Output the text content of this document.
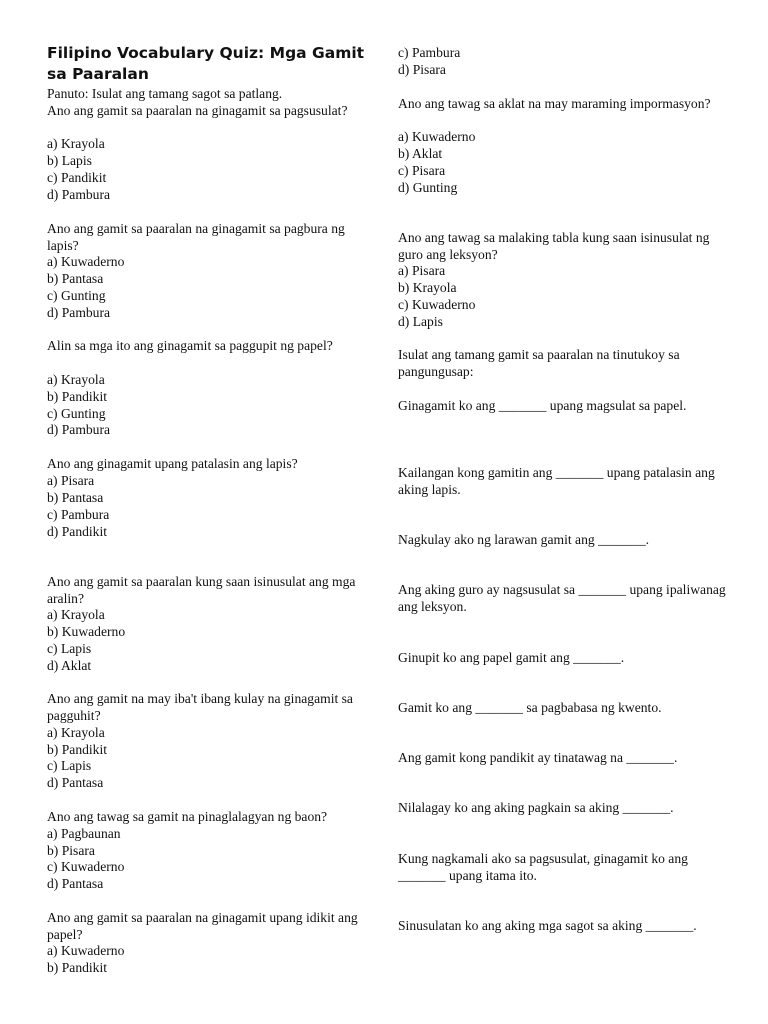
Filipino Vocabulary Quiz: Mga Gamit sa Paaralan
Panuto: Isulat ang tamang sagot sa patlang.
Ano ang gamit sa paaralan na ginagamit sa pagsusulat?
a) Krayola
b) Lapis
c) Pandikit
d) Pambura
Ano ang gamit sa paaralan na ginagamit sa pagbura ng lapis?
a) Kuwaderno
b) Pantasa
c) Gunting
d) Pambura
Alin sa mga ito ang ginagamit sa paggupit ng papel?
a) Krayola
b) Pandikit
c) Gunting
d) Pambura
Ano ang ginagamit upang patalasin ang lapis?
a) Pisara
b) Pantasa
c) Pambura
d) Pandikit
Ano ang gamit sa paaralan kung saan isinusulat ang mga aralin?
a) Krayola
b) Kuwaderno
c) Lapis
d) Aklat
Ano ang gamit na may iba't ibang kulay na ginagamit sa pagguhit?
a) Krayola
b) Pandikit
c) Lapis
d) Pantasa
Ano ang tawag sa gamit na pinaglalagyan ng baon?
a) Pagbaunan
b) Pisara
c) Kuwaderno
d) Pantasa
Ano ang gamit sa paaralan na ginagamit upang idikit ang papel?
a) Kuwaderno
b) Pandikit
c) Pambura
d) Pisara
Ano ang tawag sa aklat na may maraming impormasyon?
a) Kuwaderno
b) Aklat
c) Pisara
d) Gunting
Ano ang tawag sa malaking tabla kung saan isinusulat ng guro ang leksyon?
a) Pisara
b) Krayola
c) Kuwaderno
d) Lapis
Isulat ang tamang gamit sa paaralan na tinutukoy sa pangungusap:
Ginagamit ko ang _______ upang magsulat sa papel.
Kailangan kong gamitin ang _______ upang patalasin ang aking lapis.
Nagkulay ako ng larawan gamit ang _______.
Ang aking guro ay nagsusulat sa _______ upang ipaliwanag ang leksyon.
Ginupit ko ang papel gamit ang _______.
Gamit ko ang _______ sa pagbabasa ng kwento.
Ang gamit kong pandikit ay tinatawag na _______.
Nilalagay ko ang aking pagkain sa aking _______.
Kung nagkamali ako sa pagsusulat, ginagamit ko ang _______ upang itama ito.
Sinusulatan ko ang aking mga sagot sa aking _______.
